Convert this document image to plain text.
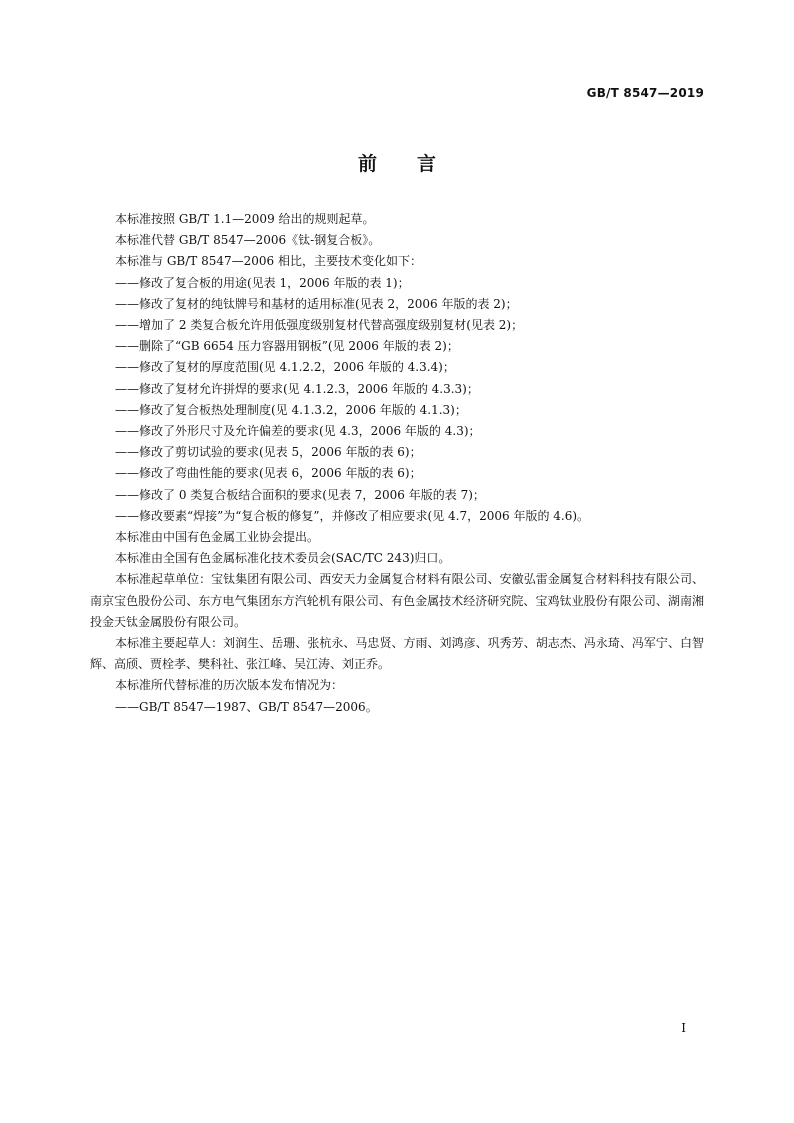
GB/T 8547—2019
前言

本标准按照 GB/T 1.1—2009 给出的规则起草。

本标准代替 GB/T 8547—2006《钛-钢复合板》。

本标准与 GB/T 8547—2006 相比，主要技术变化如下：

——修改了复合板的用途(见表 1，2006 年版的表 1)；

——修改了复材的纯钛牌号和基材的适用标准(见表 2，2006 年版的表 2)；

——增加了 2 类复合板允许用低强度级别复材代替高强度级别复材(见表 2)；

——删除了“GB 6654 压力容器用钢板”(见 2006 年版的表 2)；

——修改了复材的厚度范围(见 4.1.2.2，2006 年版的 4.3.4)；

——修改了复材允许拼焊的要求(见 4.1.2.3，2006 年版的 4.3.3)；

——修改了复合板热处理制度(见 4.1.3.2，2006 年版的 4.1.3)；

——修改了外形尺寸及允许偏差的要求(见 4.3，2006 年版的 4.3)；

——修改了剪切试验的要求(见表 5，2006 年版的表 6)；

——修改了弯曲性能的要求(见表 6，2006 年版的表 6)；

——修改了 0 类复合板结合面积的要求(见表 7，2006 年版的表 7)；

——修改要素“焊接”为“复合板的修复”，并修改了相应要求(见 4.7，2006 年版的 4.6)。

本标准由中国有色金属工业协会提出。

本标准由全国有色金属标准化技术委员会(SAC/TC 243)归口。

本标准起草单位：宝钛集团有限公司、西安天力金属复合材料有限公司、安徽弘雷金属复合材料科技有限公司、南京宝色股份公司、东方电气集团东方汽轮机有限公司、有色金属技术经济研究院、宝鸡钛业股份有限公司、湖南湘投金天钛金属股份有限公司。

本标准主要起草人：刘润生、岳珊、张杭永、马忠贤、方雨、刘鸿彦、巩秀芳、胡志杰、冯永琦、冯军宁、白智辉、高颀、贾栓孝、樊科社、张江峰、吴江涛、刘正乔。

本标准所代替标准的历次版本发布情况为：

——GB/T 8547—1987、GB/T 8547—2006。

I
